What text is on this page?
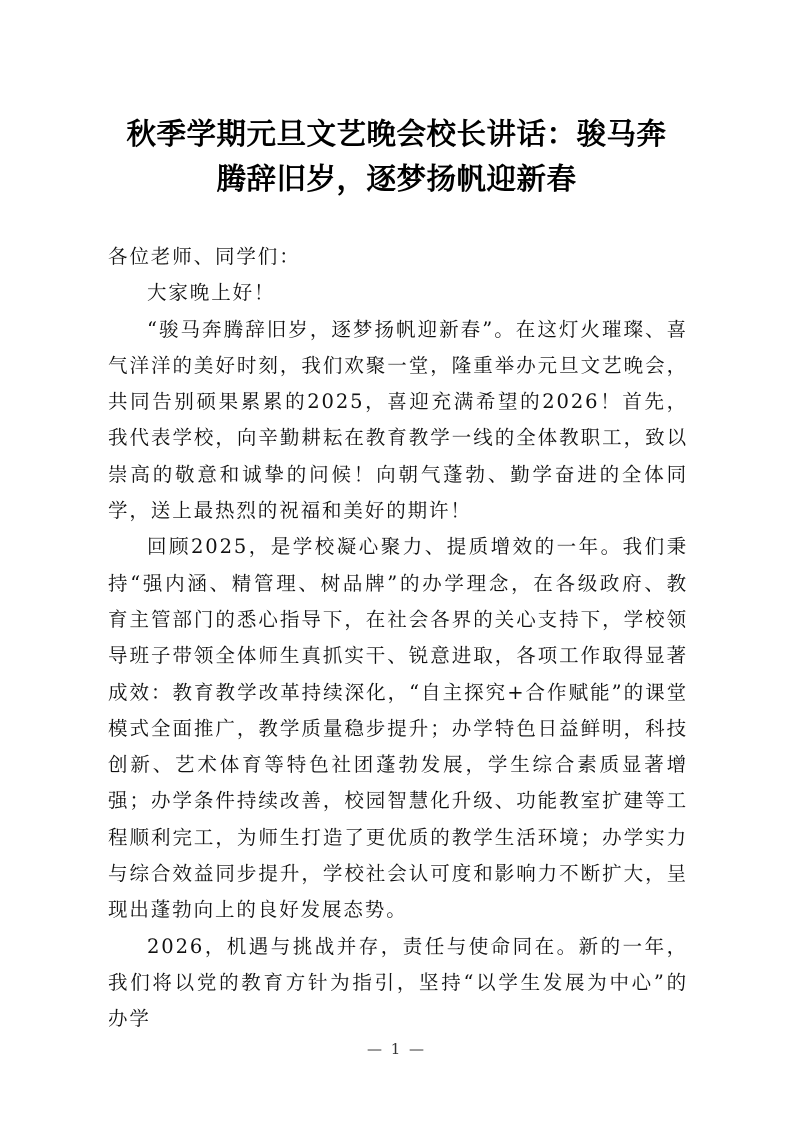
秋季学期元旦文艺晚会校长讲话：骏马奔
腾辞旧岁，逐梦扬帆迎新春

各位老师、同学们：

大家晚上好！

“骏马奔腾辞旧岁，逐梦扬帆迎新春”。在这灯火璀璨、喜气洋洋的美好时刻，我们欢聚一堂，隆重举办元旦文艺晚会，共同告别硕果累累的2025，喜迎充满希望的2026！首先，我代表学校，向辛勤耕耘在教育教学一线的全体教职工，致以崇高的敬意和诚挚的问候！向朝气蓬勃、勤学奋进的全体同学，送上最热烈的祝福和美好的期许！

回顾2025，是学校凝心聚力、提质增效的一年。我们秉持“强内涵、精管理、树品牌”的办学理念，在各级政府、教育主管部门的悉心指导下，在社会各界的关心支持下，学校领导班子带领全体师生真抓实干、锐意进取，各项工作取得显著成效：教育教学改革持续深化，“自主探究+合作赋能”的课堂模式全面推广，教学质量稳步提升；办学特色日益鲜明，科技创新、艺术体育等特色社团蓬勃发展，学生综合素质显著增强；办学条件持续改善，校园智慧化升级、功能教室扩建等工程顺利完工，为师生打造了更优质的教学生活环境；办学实力与综合效益同步提升，学校社会认可度和影响力不断扩大，呈现出蓬勃向上的良好发展态势。

2026，机遇与挑战并存，责任与使命同在。新的一年，我们将以党的教育方针为指引，坚持“以学生发展为中心”的办学

— 1 —
